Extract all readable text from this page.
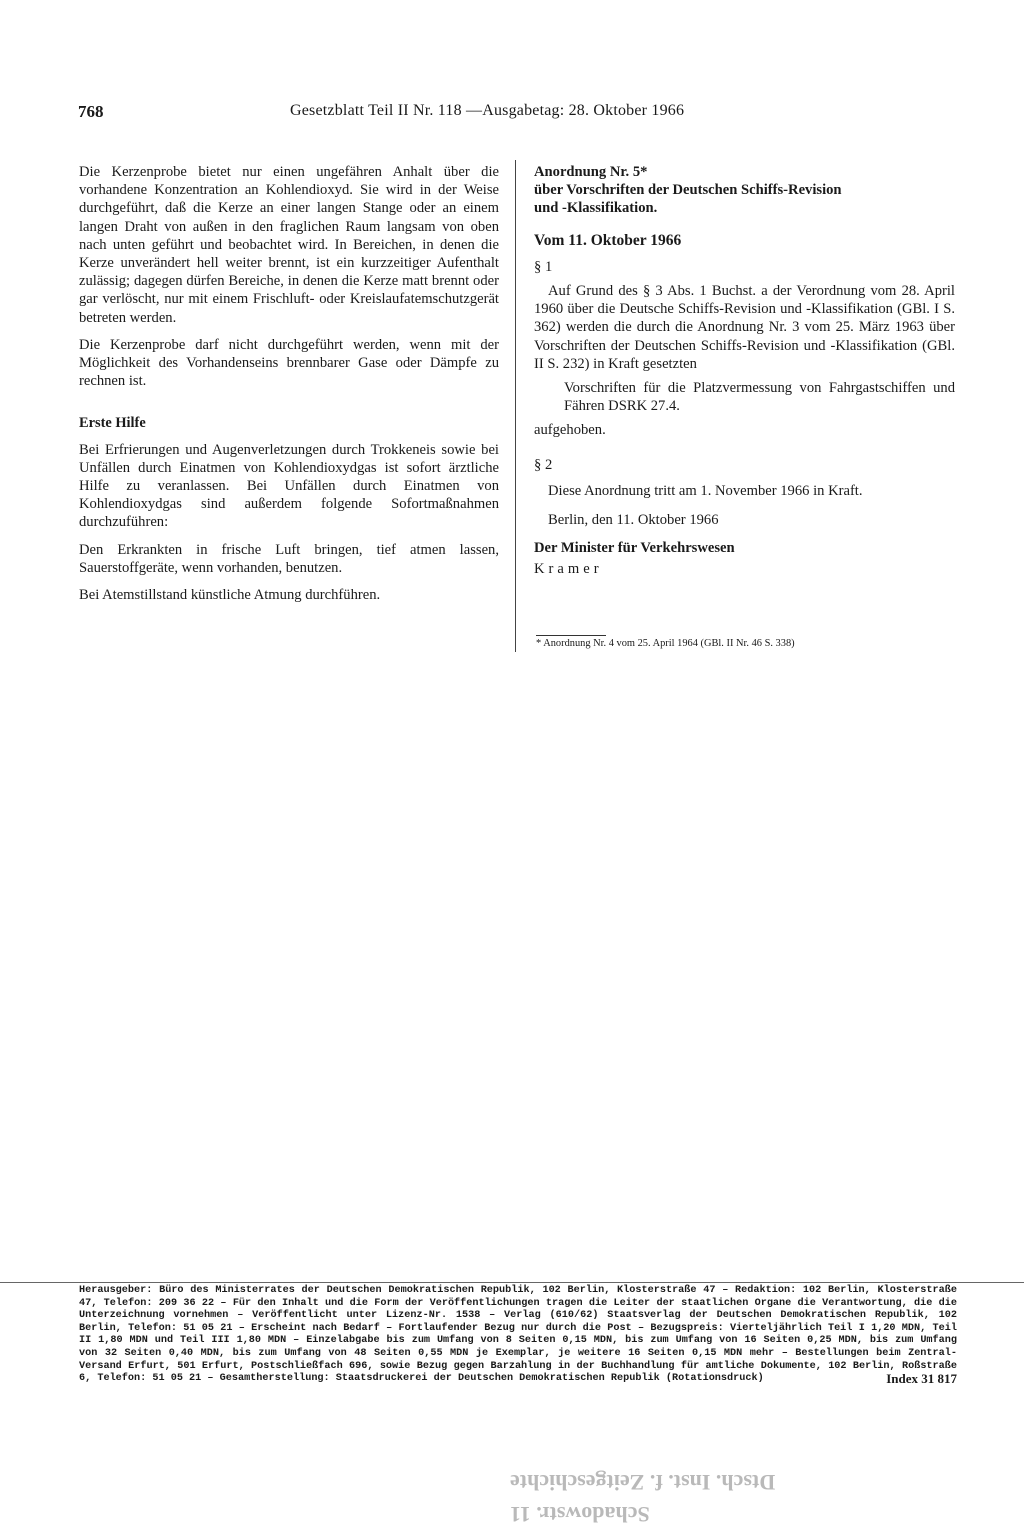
768	Gesetzblatt Teil II Nr. 118 —Ausgabetag: 28. Oktober 1966

Die Kerzenprobe bietet nur einen ungefähren Anhalt über die vorhandene Konzentration an Kohlendioxyd. Sie wird in der Weise durchgeführt, daß die Kerze an einer langen Stange oder an einem langen Draht von außen in den fraglichen Raum langsam von oben nach unten geführt und beobachtet wird. In Bereichen, in denen die Kerze unverändert hell weiter brennt, ist ein kurzzeitiger Aufenthalt zulässig; dagegen dürfen Bereiche, in denen die Kerze matt brennt oder gar verlöscht, nur mit einem Frischluft- oder Kreislaufatemschutzgerät betreten werden.

Die Kerzenprobe darf nicht durchgeführt werden, wenn mit der Möglichkeit des Vorhandenseins brennbarer Gase oder Dämpfe zu rechnen ist.

Erste Hilfe

Bei Erfrierungen und Augenverletzungen durch Trokkeneis sowie bei Unfällen durch Einatmen von Kohlendioxydgas ist sofort ärztliche Hilfe zu veranlassen. Bei Unfällen durch Einatmen von Kohlendioxydgas sind außerdem folgende Sofortmaßnahmen durchzuführen:

Den Erkrankten in frische Luft bringen, tief atmen lassen, Sauerstoffgeräte, wenn vorhanden, benutzen.

Bei Atemstillstand künstliche Atmung durchführen.

Anordnung Nr. 5*

über Vorschriften der Deutschen Schiffs-Revision

und -Klassifikation.

Vom 11. Oktober 1966

§ 1

Auf Grund des § 3 Abs. 1 Buchst. a der Verordnung vom 28. April 1960 über die Deutsche Schiffs-Revision und -Klassifikation (GBl. I S. 362) werden die durch die Anordnung Nr. 3 vom 25. März 1963 über Vorschriften der Deutschen Schiffs-Revision und -Klassifikation (GBl. II S. 232) in Kraft gesetzten

Vorschriften für die Platzvermessung von Fahrgastschiffen und Fähren DSRK 27.4.

aufgehoben.

§ 2

Diese Anordnung tritt am 1. November 1966 in Kraft.

Berlin, den 11. Oktober 1966

Der Minister für Verkehrswesen

Kramer

* Anordnung Nr. 4 vom 25. April 1964 (GBl. II Nr. 46 S. 338)
Herausgeber: Büro des Ministerrates der Deutschen Demokratischen Republik, 102 Berlin, Klosterstraße 47 – Redaktion: 102 Berlin, Klosterstraße 47, Telefon: 209 36 22 – Für den Inhalt und die Form der Veröffentlichungen tragen die Leiter der staatlichen Organe die Verantwortung, die die Unterzeichnung vornehmen – Veröffentlicht unter Lizenz-Nr. 1538 – Verlag (610/62) Staatsverlag der Deutschen Demokratischen Republik, 102 Berlin, Telefon: 51 05 21 – Erscheint nach Bedarf – Fortlaufender Bezug nur durch die Post – Bezugspreis: Vierteljährlich Teil I 1,20 MDN, Teil II 1,80 MDN und Teil III 1,80 MDN – Einzelabgabe bis zum Umfang von 8 Seiten 0,15 MDN, bis zum Umfang von 16 Seiten 0,25 MDN, bis zum Umfang von 32 Seiten 0,40 MDN, bis zum Umfang von 48 Seiten 0,55 MDN je Exemplar, je weitere 16 Seiten 0,15 MDN mehr – Bestellungen beim Zentral-Versand Erfurt, 501 Erfurt, Postschließfach 696, sowie Bezug gegen Barzahlung in der Buchhandlung für amtliche Dokumente, 102 Berlin, Roßstraße 6, Telefon: 51 05 21 – Gesamtherstellung: Staatsdruckerei der Deutschen Demokratischen Republik (Rotationsdruck)	Index 31 817
Schadowstr. 11
Dtsch. Inst. f. Zeitgeschichte
